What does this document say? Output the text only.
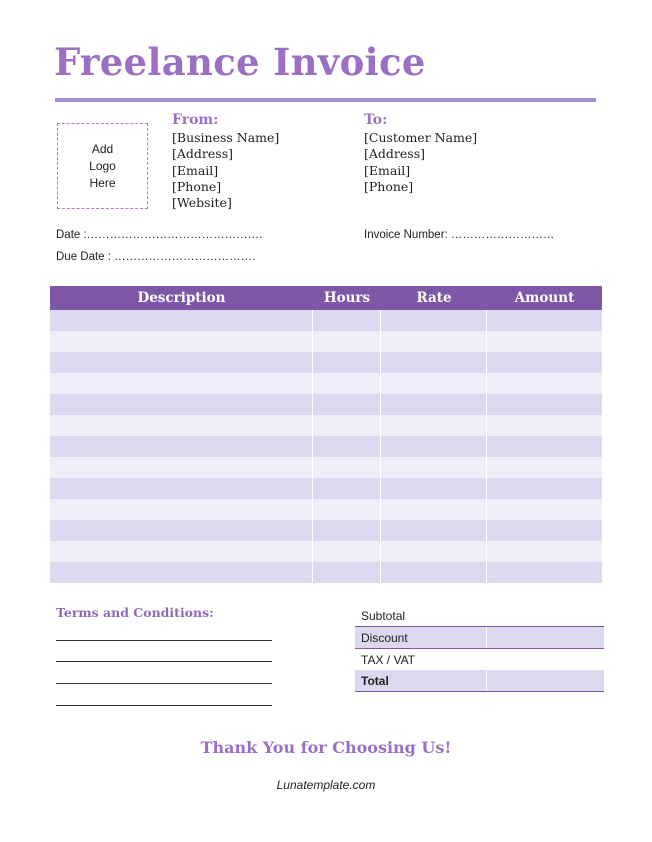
Freelance Invoice
Add
Logo
Here
From:
[Business Name]
[Address]
[Email]
[Phone]
[Website]
To:
[Customer Name]
[Address]
[Email]
[Phone]
Date :……………………………………….
Due Date : ……………………………….
Invoice Number: ………………………
Description	Hours	Rate	Amount
Terms and Conditions:	Subtotal
Discount
TAX / VAT
Total
Thank You for Choosing Us!
Lunatemplate.com
